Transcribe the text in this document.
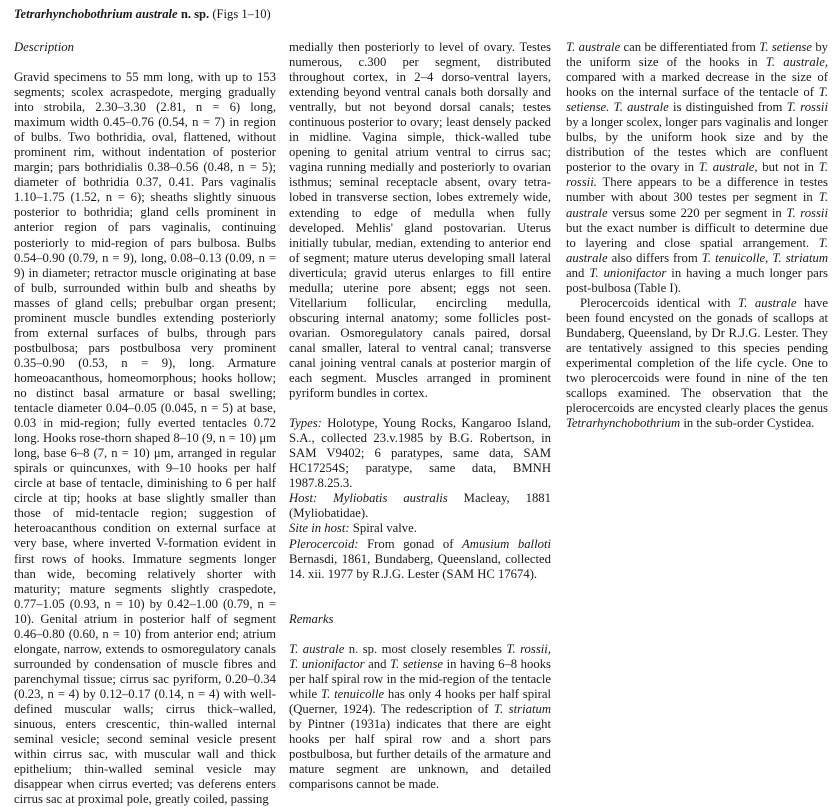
Tetrarhynchobothrium australe n. sp. (Figs 1–10)

Description

Gravid specimens to 55 mm long, with up to 153 segments; scolex acraspedote, merging gradually into strobila, 2.30–3.30 (2.81, n = 6) long, maximum width 0.45–0.76 (0.54, n = 7) in region of bulbs. Two bothridia, oval, flattened, without prominent rim, without indentation of posterior margin; pars bothridialis 0.38–0.56 (0.48, n = 5); diameter of bothridia 0.37, 0.41. Pars vaginalis 1.10–1.75 (1.52, n = 6); sheaths slightly sinuous posterior to bothridia; gland cells prominent in anterior region of pars vaginalis, continuing posteriorly to mid-region of pars bulbosa. Bulbs 0.54–0.90 (0.79, n = 9), long, 0.08–0.13 (0.09, n = 9) in diameter; retractor muscle originating at base of bulb, surrounded within bulb and sheaths by masses of gland cells; prebulbar organ present; prominent muscle bundles extending posteriorly from external surfaces of bulbs, through pars postbulbosa; pars postbulbosa very prominent 0.35–0.90 (0.53, n = 9), long. Armature homeoacanthous, homeomorphous; hooks hollow; no distinct basal armature or basal swelling; tentacle diameter 0.04–0.05 (0.045, n = 5) at base, 0.03 in mid-region; fully everted tentacles 0.72 long. Hooks rose-thorn shaped 8–10 (9, n = 10) μm long, base 6–8 (7, n = 10) μm, arranged in regular spirals or quincunxes, with 9–10 hooks per half circle at base of tentacle, diminishing to 6 per half circle at tip; hooks at base slightly smaller than those of mid-tentacle region; suggestion of heteroacanthous condition on external surface at very base, where inverted V-formation evident in first rows of hooks. Immature segments longer than wide, becoming relatively shorter with maturity; mature segments slightly craspedote, 0.77–1.05 (0.93, n = 10) by 0.42–1.00 (0.79, n = 10). Genital atrium in posterior half of segment 0.46–0.80 (0.60, n = 10) from anterior end; atrium elongate, narrow, extends to osmoregulatory canals surrounded by condensation of muscle fibres and parenchymal tissue; cirrus sac pyriform, 0.20–0.34 (0.23, n = 4) by 0.12–0.17 (0.14, n = 4) with well-defined muscular walls; cirrus thick–walled, sinuous, enters crescentic, thin-walled internal seminal vesicle; second seminal vesicle present within cirrus sac, with muscular wall and thick epithelium; thin-walled seminal vesicle may disappear when cirrus everted; vas deferens enters cirrus sac at proximal pole, greatly coiled, passing

medially then posteriorly to level of ovary. Testes numerous, c.300 per segment, distributed throughout cortex, in 2–4 dorso-ventral layers, extending beyond ventral canals both dorsally and ventrally, but not beyond dorsal canals; testes continuous posterior to ovary; least densely packed in midline. Vagina simple, thick-walled tube opening to genital atrium ventral to cirrus sac; vagina running medially and posteriorly to ovarian isthmus; seminal receptacle absent, ovary tetra-lobed in transverse section, lobes extremely wide, extending to edge of medulla when fully developed. Mehlis' gland postovarian. Uterus initially tubular, median, extending to anterior end of segment; mature uterus developing small lateral diverticula; gravid uterus enlarges to fill entire medulla; uterine pore absent; eggs not seen. Vitellarium follicular, encircling medulla, obscuring internal anatomy; some follicles post-ovarian. Osmoregulatory canals paired, dorsal canal smaller, lateral to ventral canal; transverse canal joining ventral canals at posterior margin of each segment. Muscles arranged in prominent pyriform bundles in cortex.

Types: Holotype, Young Rocks, Kangaroo Island, S.A., collected 23.v.1985 by B.G. Robertson, in SAM V9402; 6 paratypes, same data, SAM HC17254S; paratype, same data, BMNH 1987.8.25.3.

Host: Myliobatis australis Macleay, 1881 (Myliobatidae).

Site in host: Spiral valve.

Plerocercoid: From gonad of Amusium balloti Bernasdi, 1861, Bundaberg, Queensland, collected 14. xii. 1977 by R.J.G. Lester (SAM HC 17674).

Remarks

T. australe n. sp. most closely resembles T. rossii, T. unionifactor and T. setiense in having 6–8 hooks per half spiral row in the mid-region of the tentacle while T. tenuicolle has only 4 hooks per half spiral (Querner, 1924). The redescription of T. striatum by Pintner (1931a) indicates that there are eight hooks per half spiral row and a short pars postbulbosa, but further details of the armature and mature segment are unknown, and detailed comparisons cannot be made.

T. australe can be differentiated from T. setiense by the uniform size of the hooks in T. australe, compared with a marked decrease in the size of hooks on the internal surface of the tentacle of T. setiense. T. australe is distinguished from T. rossii by a longer scolex, longer pars vaginalis and longer bulbs, by the uniform hook size and by the distribution of the testes which are confluent posterior to the ovary in T. australe, but not in T. rossii. There appears to be a difference in testes number with about 300 testes per segment in T. australe versus some 220 per segment in T. rossii but the exact number is difficult to determine due to layering and close spatial arrangement. T. australe also differs from T. tenuicolle, T. striatum and T. unionifactor in having a much longer pars post-bulbosa (Table I).

Plerocercoids identical with T. australe have been found encysted on the gonads of scallops at Bundaberg, Queensland, by Dr R.J.G. Lester. They are tentatively assigned to this species pending experimental completion of the life cycle. One to two plerocercoids were found in nine of the ten scallops examined. The observation that the plerocercoids are encysted clearly places the genus Tetrarhynchobothrium in the sub-order Cystidea.
